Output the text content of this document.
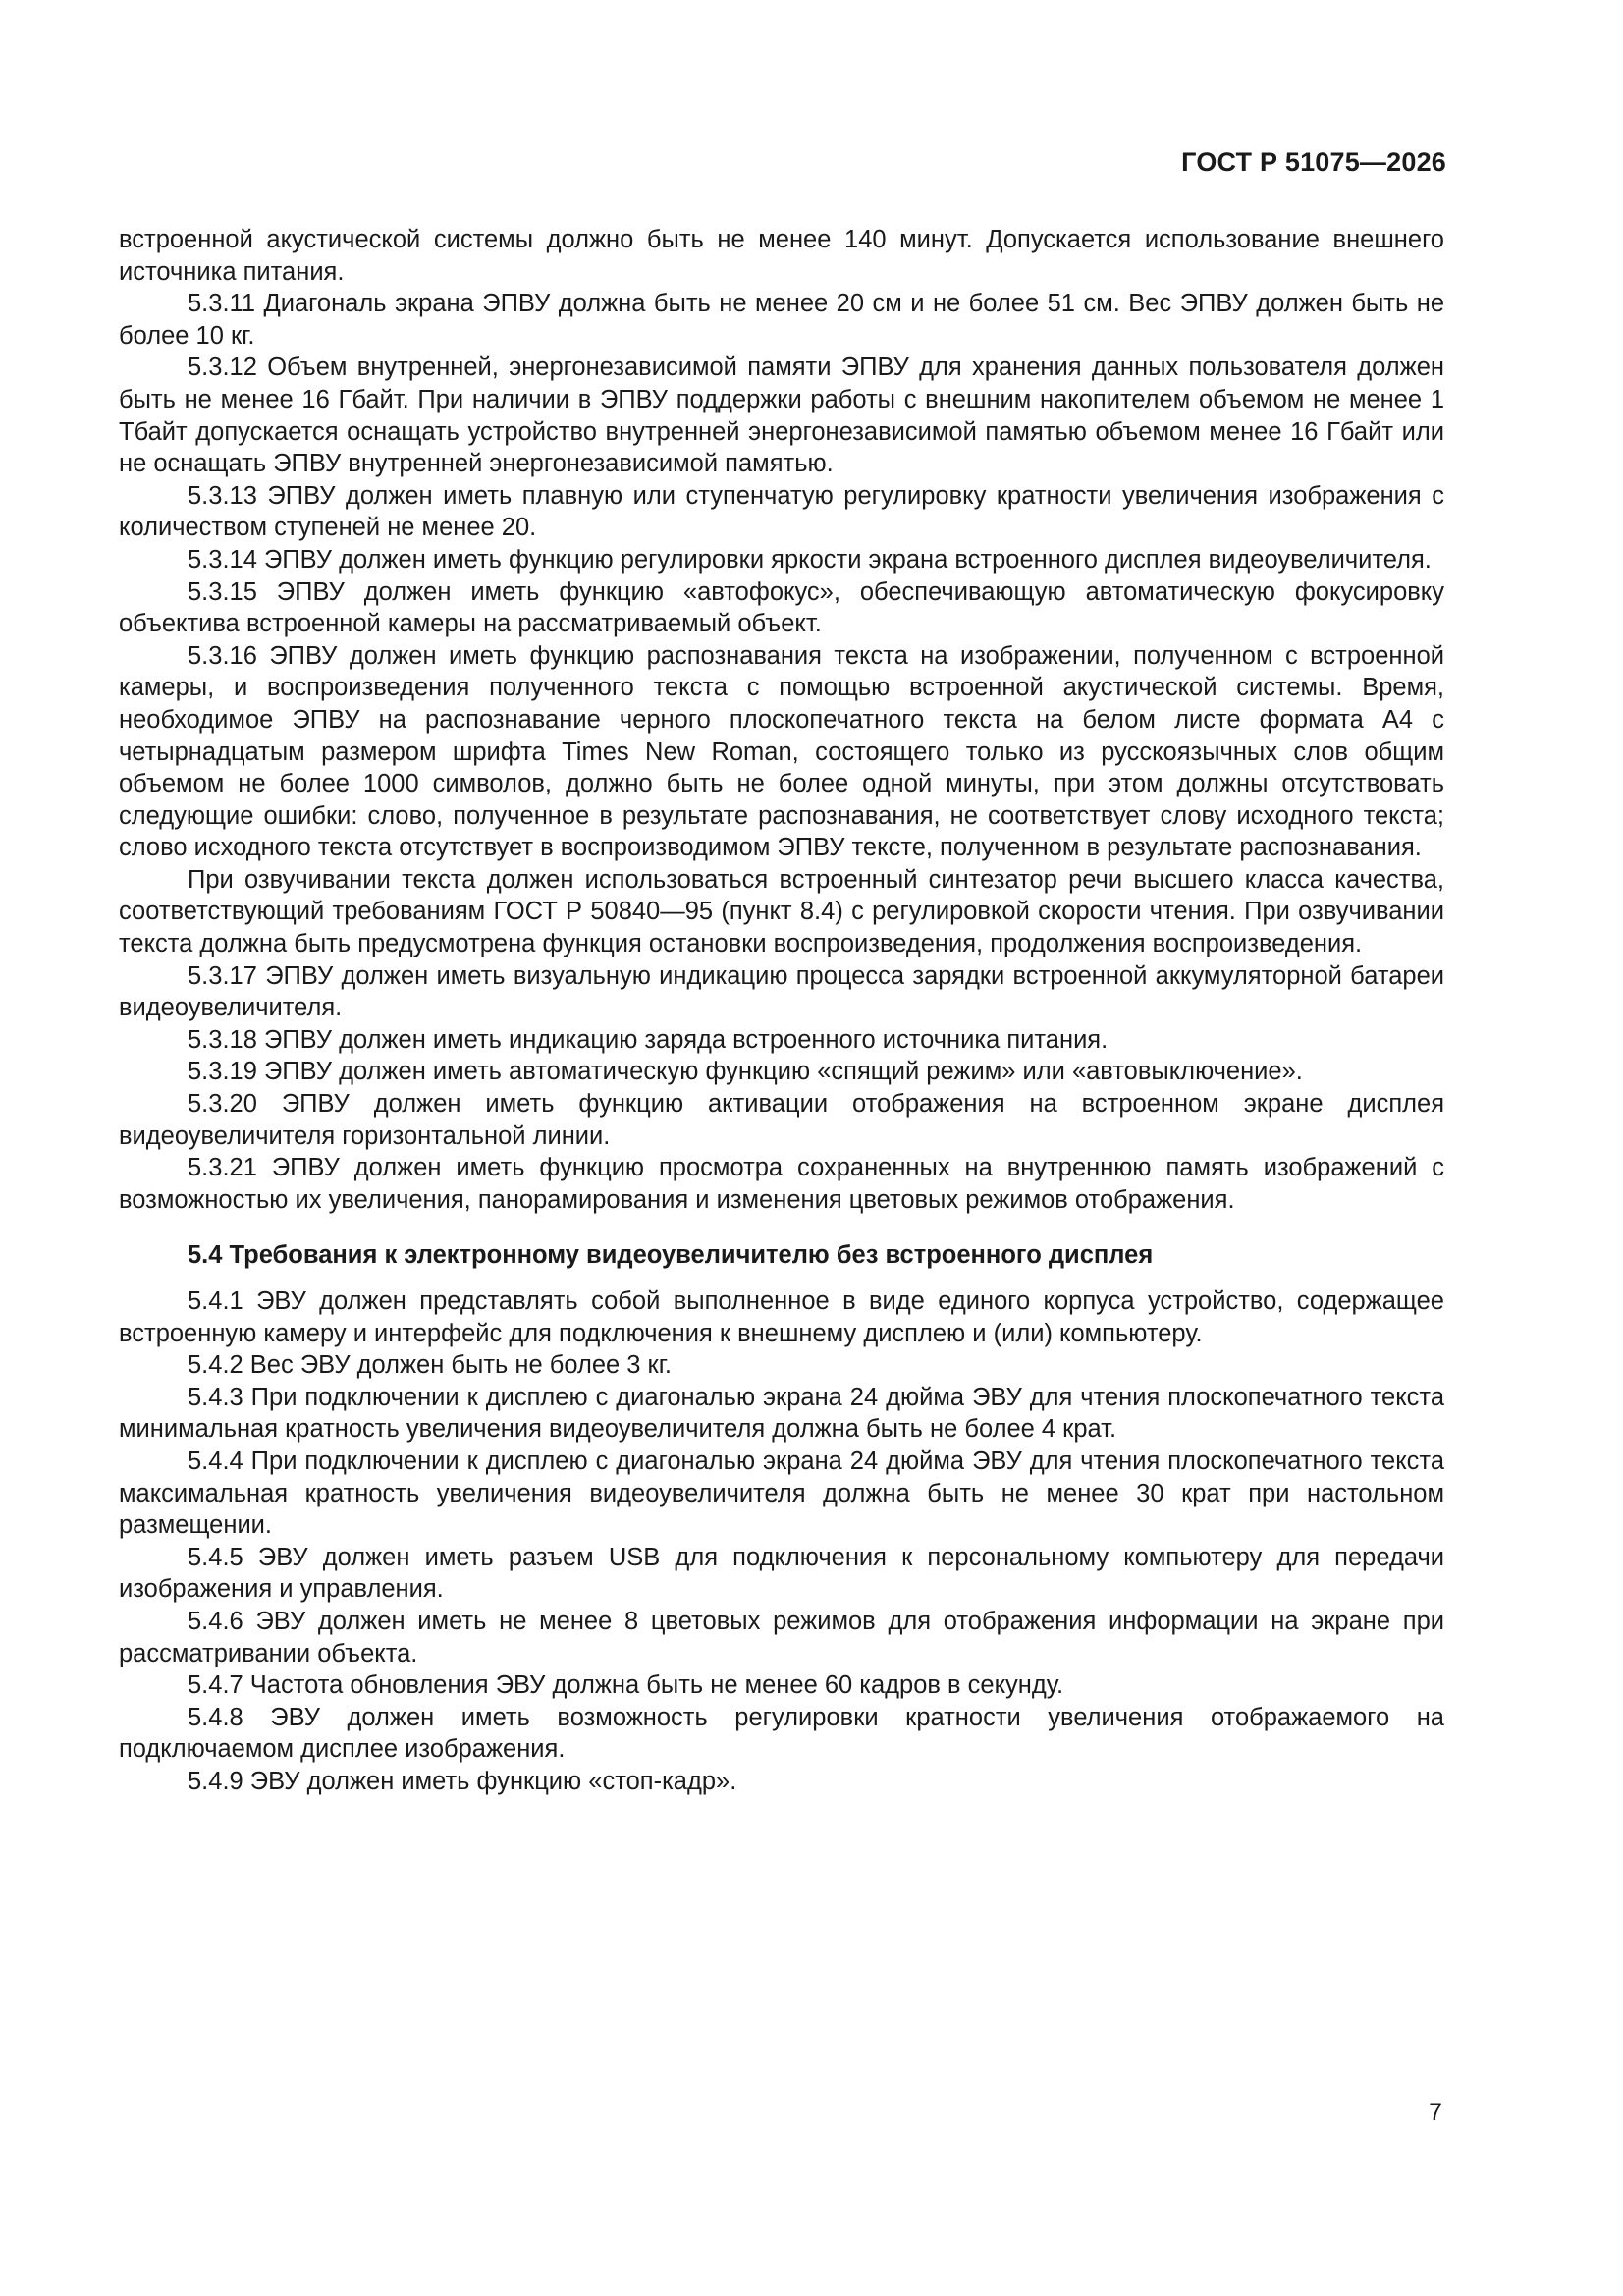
ГОСТ Р 51075—2026

встроенной акустической системы должно быть не менее 140 минут. Допускается использование внешнего источника питания.

5.3.11 Диагональ экрана ЭПВУ должна быть не менее 20 см и не более 51 см. Вес ЭПВУ должен быть не более 10 кг.

5.3.12 Объем внутренней, энергонезависимой памяти ЭПВУ для хранения данных пользователя должен быть не менее 16 Гбайт. При наличии в ЭПВУ поддержки работы с внешним накопителем объемом не менее 1 Тбайт допускается оснащать устройство внутренней энергонезависимой памятью объемом менее 16 Гбайт или не оснащать ЭПВУ внутренней энергонезависимой памятью.

5.3.13 ЭПВУ должен иметь плавную или ступенчатую регулировку кратности увеличения изображения с количеством ступеней не менее 20.

5.3.14 ЭПВУ должен иметь функцию регулировки яркости экрана встроенного дисплея видеоувеличителя.

5.3.15 ЭПВУ должен иметь функцию «автофокус», обеспечивающую автоматическую фокусировку объектива встроенной камеры на рассматриваемый объект.

5.3.16 ЭПВУ должен иметь функцию распознавания текста на изображении, полученном с встроенной камеры, и воспроизведения полученного текста с помощью встроенной акустической системы. Время, необходимое ЭПВУ на распознавание черного плоскопечатного текста на белом листе формата А4 с четырнадцатым размером шрифта Times New Roman, состоящего только из русскоязычных слов общим объемом не более 1000 символов, должно быть не более одной минуты, при этом должны отсутствовать следующие ошибки: слово, полученное в результате распознавания, не соответствует слову исходного текста; слово исходного текста отсутствует в воспроизводимом ЭПВУ тексте, полученном в результате распознавания.

При озвучивании текста должен использоваться встроенный синтезатор речи высшего класса качества, соответствующий требованиям ГОСТ Р 50840—95 (пункт 8.4) с регулировкой скорости чтения. При озвучивании текста должна быть предусмотрена функция остановки воспроизведения, продолжения воспроизведения.

5.3.17 ЭПВУ должен иметь визуальную индикацию процесса зарядки встроенной аккумуляторной батареи видеоувеличителя.

5.3.18 ЭПВУ должен иметь индикацию заряда встроенного источника питания.

5.3.19 ЭПВУ должен иметь автоматическую функцию «спящий режим» или «автовыключение».

5.3.20 ЭПВУ должен иметь функцию активации отображения на встроенном экране дисплея видеоувеличителя горизонтальной линии.

5.3.21 ЭПВУ должен иметь функцию просмотра сохраненных на внутреннюю память изображений с возможностью их увеличения, панорамирования и изменения цветовых режимов отображения.

5.4 Требования к электронному видеоувеличителю без встроенного дисплея

5.4.1 ЭВУ должен представлять собой выполненное в виде единого корпуса устройство, содержащее встроенную камеру и интерфейс для подключения к внешнему дисплею и (или) компьютеру.

5.4.2 Вес ЭВУ должен быть не более 3 кг.

5.4.3 При подключении к дисплею с диагональю экрана 24 дюйма ЭВУ для чтения плоскопечатного текста минимальная кратность увеличения видеоувеличителя должна быть не более 4 крат.

5.4.4 При подключении к дисплею с диагональю экрана 24 дюйма ЭВУ для чтения плоскопечатного текста максимальная кратность увеличения видеоувеличителя должна быть не менее 30 крат при настольном размещении.

5.4.5 ЭВУ должен иметь разъем USB для подключения к персональному компьютеру для передачи изображения и управления.

5.4.6 ЭВУ должен иметь не менее 8 цветовых режимов для отображения информации на экране при рассматривании объекта.

5.4.7 Частота обновления ЭВУ должна быть не менее 60 кадров в секунду.

5.4.8 ЭВУ должен иметь возможность регулировки кратности увеличения отображаемого на подключаемом дисплее изображения.

5.4.9 ЭВУ должен иметь функцию «стоп-кадр».

7
